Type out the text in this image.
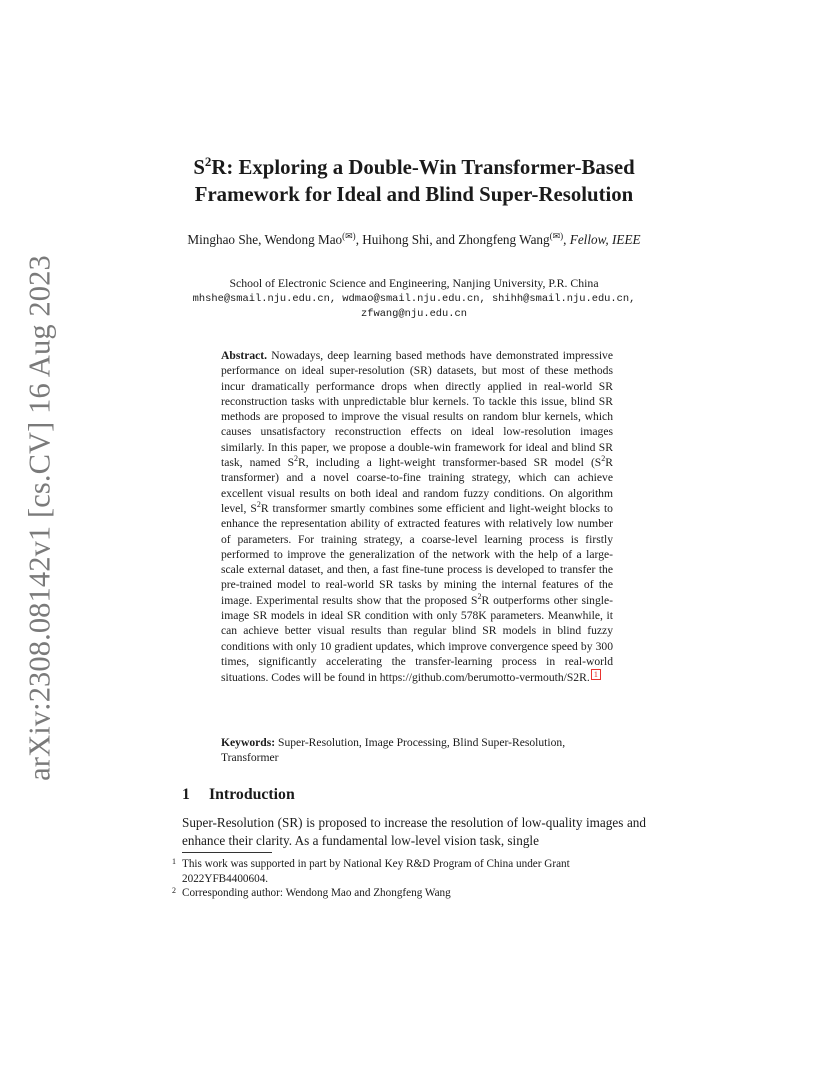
arXiv:2308.08142v1 [cs.CV] 16 Aug 2023
$S^2R$: Exploring a Double-Win Transformer-Based
Framework for Ideal and Blind Super-Resolution
Minghao She, Wendong Mao(✉), Huihong Shi, and Zhongfeng Wang(✉), Fellow, IEEE
School of Electronic Science and Engineering, Nanjing University, P.R. China
mhshe@smail.nju.edu.cn, wdmao@smail.nju.edu.cn, shihh@smail.nju.edu.cn,
zfwang@nju.edu.cn
Abstract. Nowadays, deep learning based methods have demonstrated impressive performance on ideal super-resolution (SR) datasets, but most of these methods incur dramatically performance drops when directly applied in real-world SR reconstruction tasks with unpredictable blur kernels. To tackle this issue, blind SR methods are proposed to improve the visual results on random blur kernels, which causes unsatisfactory reconstruction effects on ideal low-resolution images similarly. In this paper, we propose a double-win framework for ideal and blind SR task, named $S^2R$, including a light-weight transformer-based SR model ($S^2R$ transformer) and a novel coarse-to-fine training strategy, which can achieve excellent visual results on both ideal and random fuzzy conditions. On algorithm level, $S^2R$ transformer smartly combines some efficient and light-weight blocks to enhance the representation ability of extracted features with relatively low number of parameters. For training strategy, a coarse-level learning process is firstly performed to improve the generalization of the network with the help of a large-scale external dataset, and then, a fast fine-tune process is developed to transfer the pre-trained model to real-world SR tasks by mining the internal features of the image. Experimental results show that the proposed $S^2R$ outperforms other single-image SR models in ideal SR condition with only 578K parameters. Meanwhile, it can achieve better visual results than regular blind SR models in blind fuzzy conditions with only 10 gradient updates, which improve convergence speed by 300 times, significantly accelerating the transfer-learning process in real-world situations. Codes will be found in https://github.com/berumotto-vermouth/S2R. 1
Keywords: Super-Resolution, Image Processing, Blind Super-Resolution, Transformer
1 Introduction
Super-Resolution (SR) is proposed to increase the resolution of low-quality images and enhance their clarity. As a fundamental low-level vision task, single
1 This work was supported in part by National Key R&D Program of China under Grant 2022YFB4400604.
2 Corresponding author: Wendong Mao and Zhongfeng Wang
